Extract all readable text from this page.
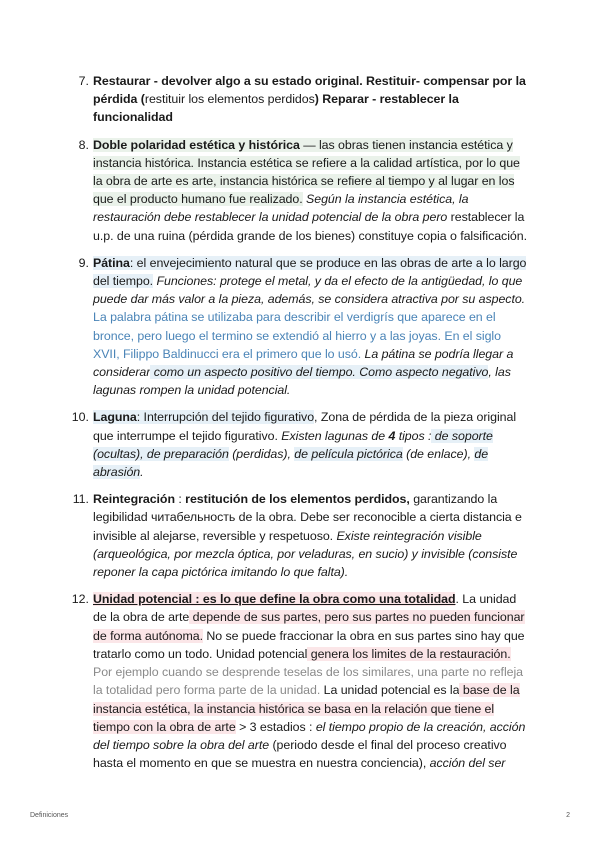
7. Restaurar - devolver algo a su estado original. Restituir- compensar por la pérdida (restituir los elementos perdidos) Reparar - restablecer la funcionalidad
8. Doble polaridad estética y histórica — las obras tienen instancia estética y instancia histórica. Instancia estética se refiere a la calidad artística, por lo que la obra de arte es arte, instancia histórica se refiere al tiempo y al lugar en los que el producto humano fue realizado. Según la instancia estética, la restauración debe restablecer la unidad potencial de la obra pero restablecer la u.p. de una ruina (pérdida grande de los bienes) constituye copia o falsificación.
9. Pátina: el envejecimiento natural que se produce en las obras de arte a lo largo del tiempo. Funciones: protege el metal, y da el efecto de la antigüedad, lo que puede dar más valor a la pieza, además, se considera atractiva por su aspecto. La palabra pátina se utilizaba para describir el verdigrís que aparece en el bronce, pero luego el termino se extendió al hierro y a las joyas. En el siglo XVII, Filippo Baldinucci era el primero que lo usó. La pátina se podría llegar a considerar como un aspecto positivo del tiempo. Como aspecto negativo, las lagunas rompen la unidad potencial.
10. Laguna: Interrupción del tejido figurativo, Zona de pérdida de la pieza original que interrumpe el tejido figurativo. Existen lagunas de 4 tipos : de soporte (ocultas), de preparación (perdidas), de película pictórica (de enlace), de abrasión.
11. Reintegración : restitución de los elementos perdidos, garantizando la legibilidad читабельность de la obra. Debe ser reconocible a cierta distancia e invisible al alejarse, reversible y respetuoso. Existe reintegración visible (arqueológica, por mezcla óptica, por veladuras, en sucio) y invisible (consiste reponer la capa pictórica imitando lo que falta).
12. Unidad potencial : es lo que define la obra como una totalidad. La unidad de la obra de arte depende de sus partes, pero sus partes no pueden funcionar de forma autónoma. No se puede fraccionar la obra en sus partes sino hay que tratarlo como un todo. Unidad potencial genera los limites de la restauración. Por ejemplo cuando se desprende teselas de los similares, una parte no refleja la totalidad pero forma parte de la unidad. La unidad potencial es la base de la instancia estética, la instancia histórica se basa en la relación que tiene el tiempo con la obra de arte > 3 estadios : el tiempo propio de la creación, acción del tiempo sobre la obra del arte (periodo desde el final del proceso creativo hasta el momento en que se muestra en nuestra conciencia), acción del ser
Definiciones	2
